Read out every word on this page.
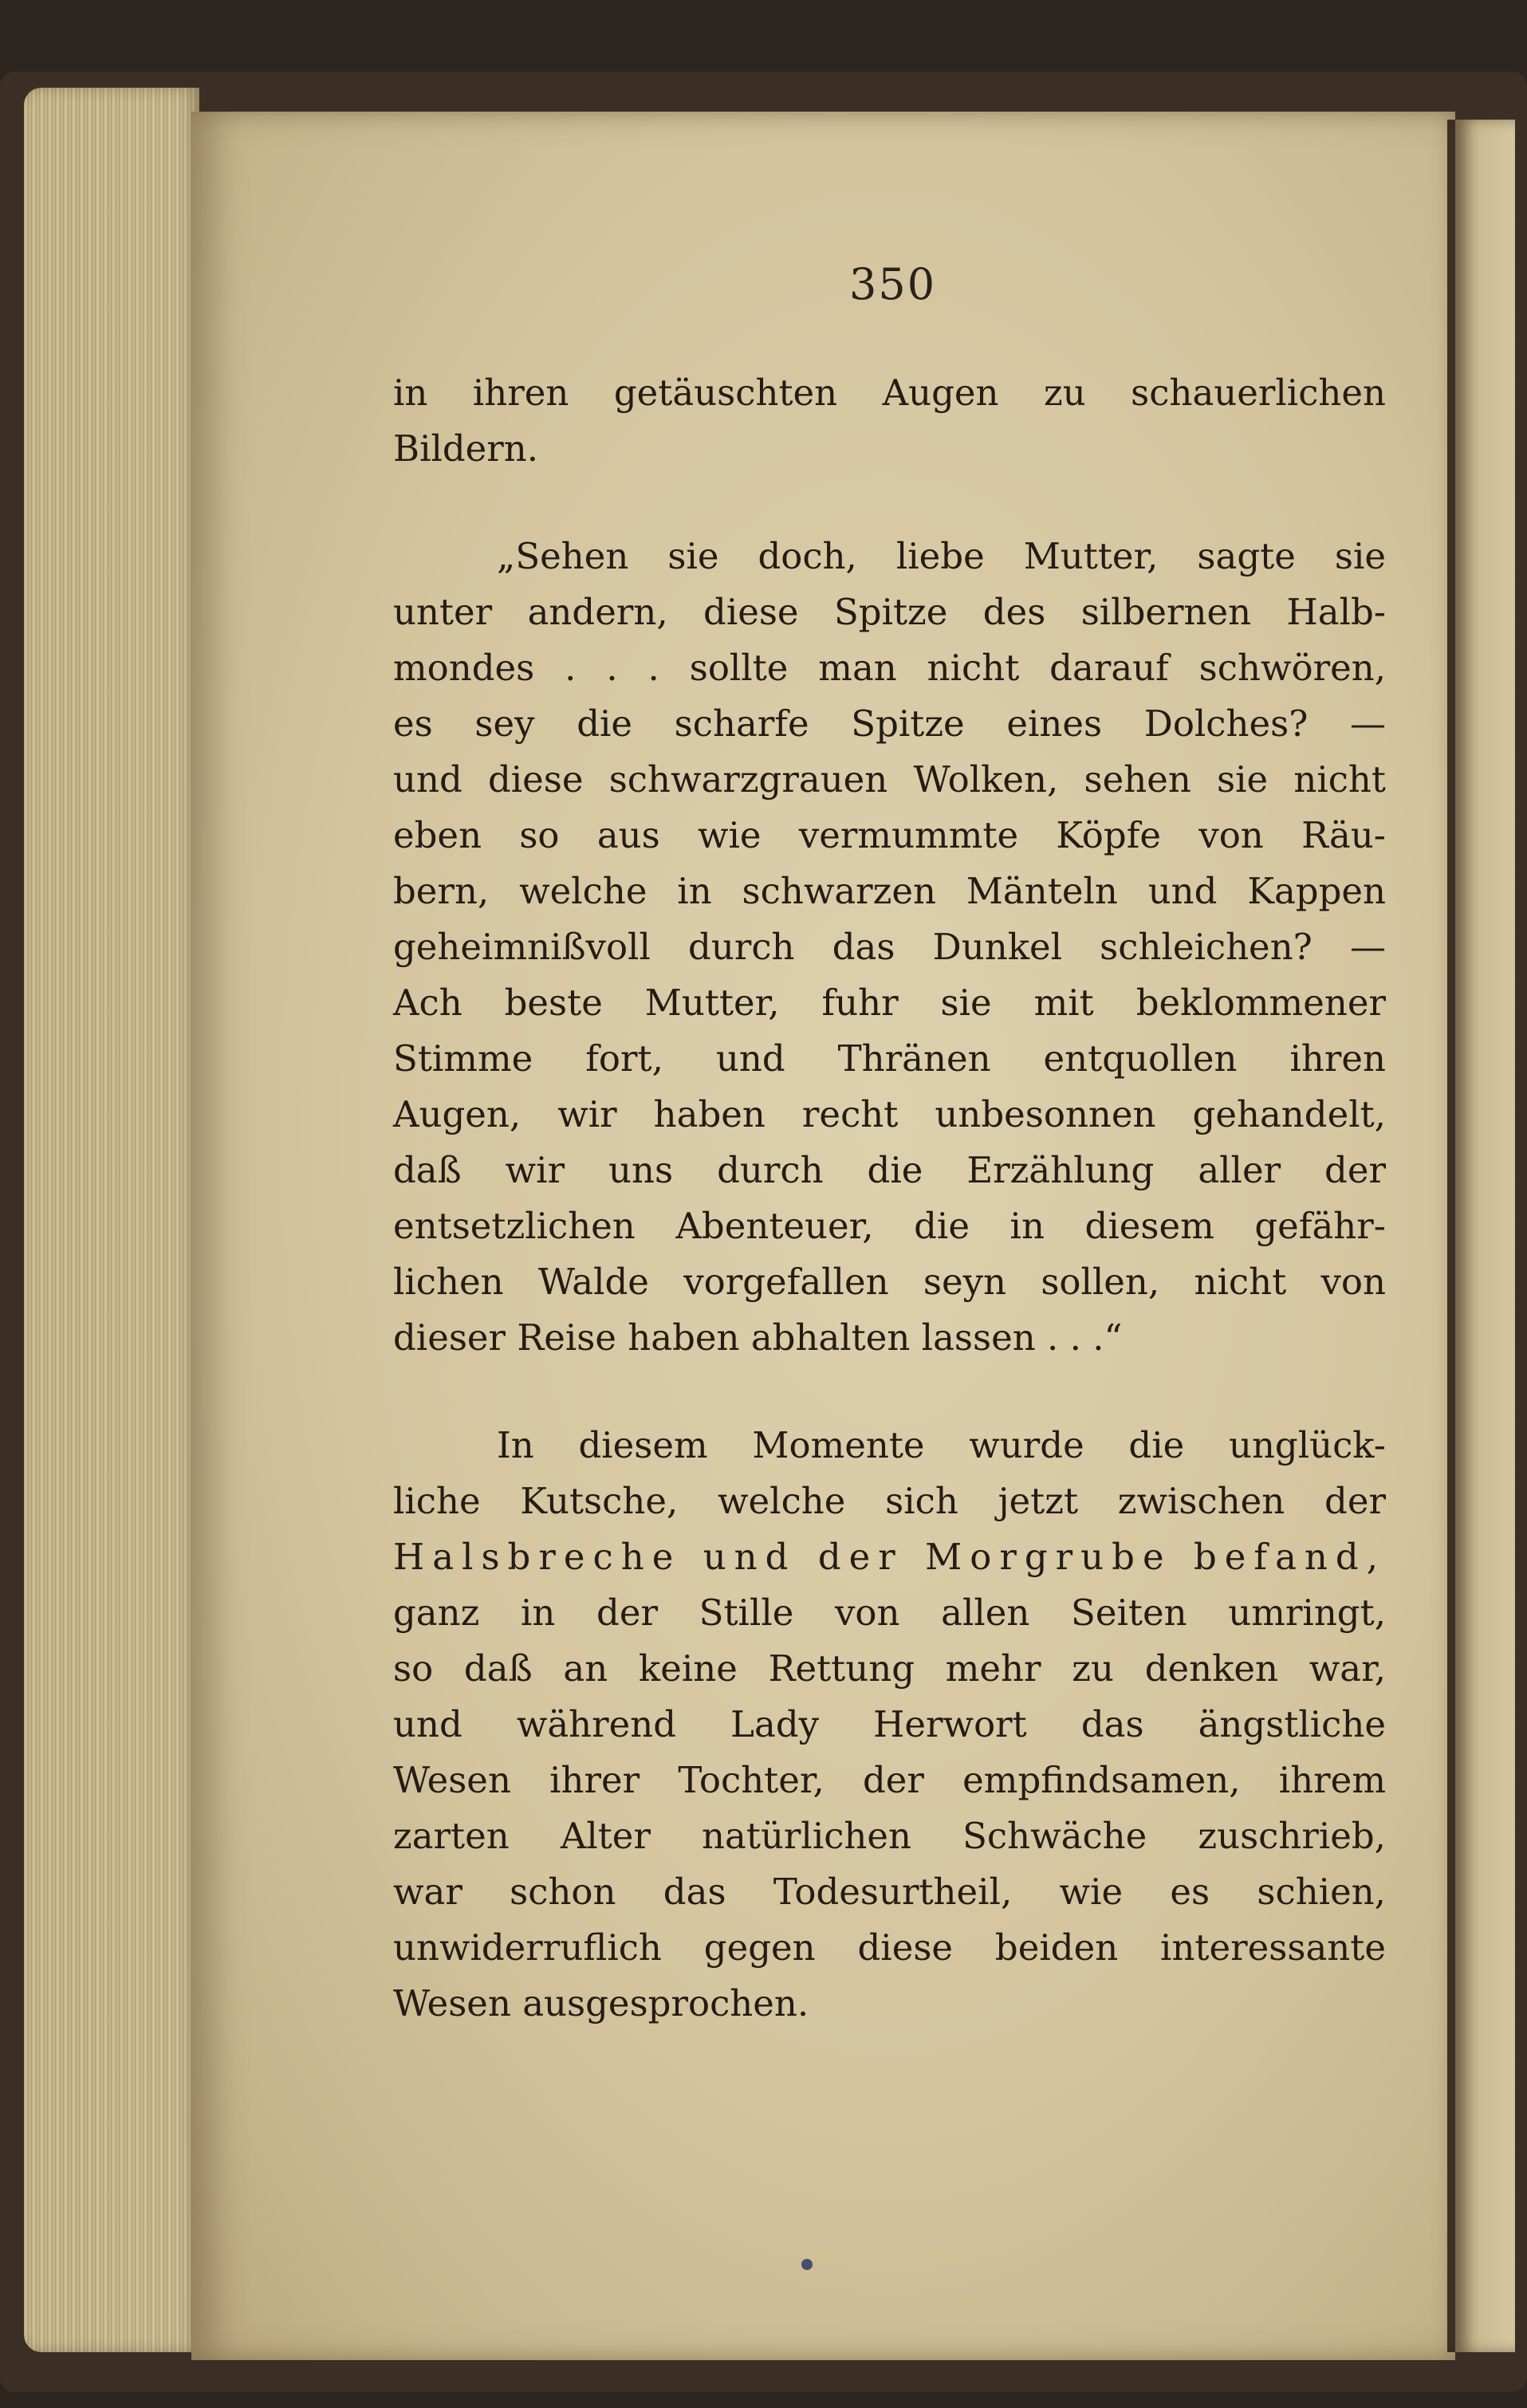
350
in ihren getäuschten Augen zu schauerlichen
Bildern.
„Sehen sie doch, liebe Mutter, sagte sie
unter andern, diese Spitze des silbernen Halb-
mondes . . . sollte man nicht darauf schwören,
es sey die scharfe Spitze eines Dolches? —
und diese schwarzgrauen Wolken, sehen sie nicht
eben so aus wie vermummte Köpfe von Räu-
bern, welche in schwarzen Mänteln und Kappen
geheimnißvoll durch das Dunkel schleichen? —
Ach beste Mutter, fuhr sie mit beklommener
Stimme fort, und Thränen entquollen ihren
Augen, wir haben recht unbesonnen gehandelt,
daß wir uns durch die Erzählung aller der
entsetzlichen Abenteuer, die in diesem gefähr-
lichen Walde vorgefallen seyn sollen, nicht von
dieser Reise haben abhalten lassen . . .“
In diesem Momente wurde die unglück-
liche Kutsche, welche sich jetzt zwischen der
Halsbreche und der Morgrube befand,
ganz in der Stille von allen Seiten umringt,
so daß an keine Rettung mehr zu denken war,
und während Lady Herwort das ängstliche
Wesen ihrer Tochter, der empfindsamen, ihrem
zarten Alter natürlichen Schwäche zuschrieb,
war schon das Todesurtheil, wie es schien,
unwiderruflich gegen diese beiden interessante
Wesen ausgesprochen.
